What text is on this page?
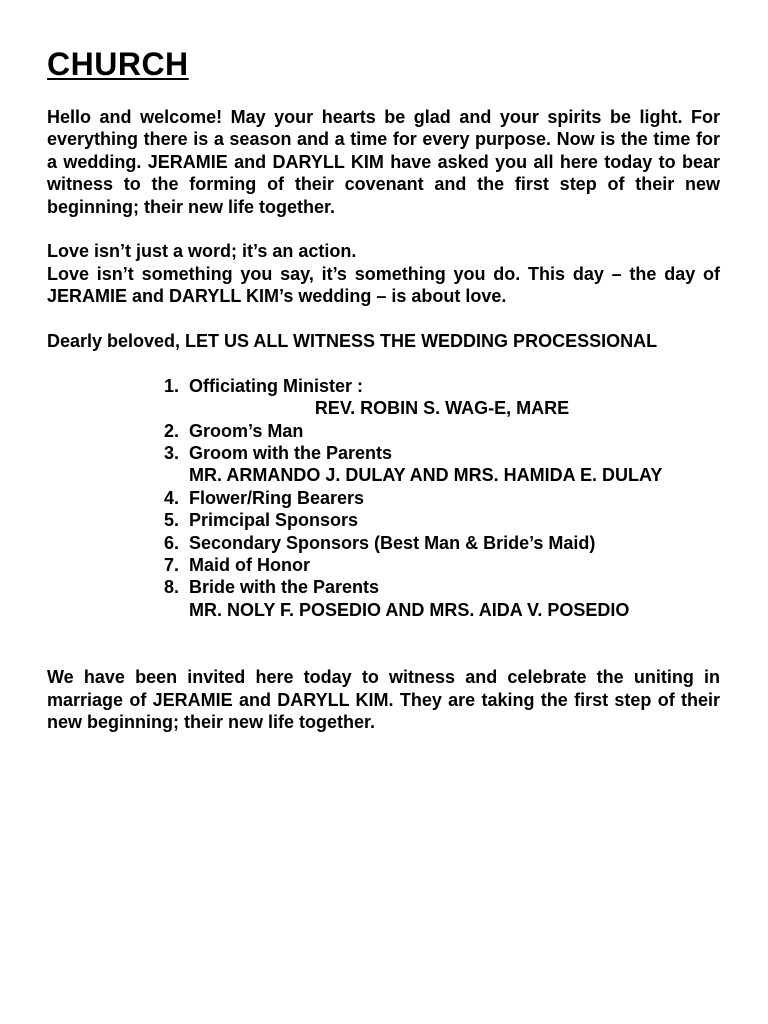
CHURCH

Hello and welcome! May your hearts be glad and your spirits be light. For everything there is a season and a time for every purpose. Now is the time for a wedding. JERAMIE and DARYLL KIM have asked you all here today to bear witness to the forming of their covenant and the first step of their new beginning; their new life together.

Love isn’t just a word; it’s an action.

Love isn’t something you say, it’s something you do. This day – the day of JERAMIE and DARYLL KIM’s wedding – is about love.

Dearly beloved, LET US ALL WITNESS THE WEDDING PROCESSIONAL

1. Officiating Minister :
REV. ROBIN S. WAG-E, MARE
2. Groom’s Man
3. Groom with the Parents
MR. ARMANDO J. DULAY AND MRS. HAMIDA E. DULAY
4. Flower/Ring Bearers
5. Primcipal Sponsors
6. Secondary Sponsors (Best Man & Bride’s Maid)
7. Maid of Honor
8. Bride with the Parents
MR. NOLY F. POSEDIO AND MRS. AIDA V. POSEDIO

We have been invited here today to witness and celebrate the uniting in marriage of JERAMIE and DARYLL KIM. They are taking the first step of their new beginning; their new life together.
